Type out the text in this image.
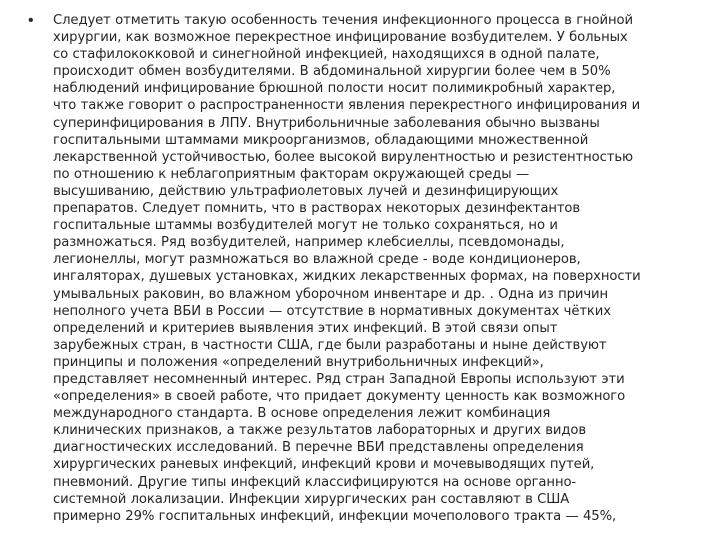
• Следует отметить такую особенность течения инфекционного процесса в гнойной
хирургии, как возможное перекрестное инфицирование возбудителем. У больных
со стафилококковой и синегнойной инфекцией, находящихся в одной палате,
происходит обмен возбудителями. В абдоминальной хирургии более чем в 50%
наблюдений инфицирование брюшной полости носит полимикробный характер,
что также говорит о распространенности явления перекрестного инфицирования и
суперинфицирования в ЛПУ. Внутрибольничные заболевания обычно вызваны
госпитальными штаммами микроорганизмов, обладающими множественной
лекарственной устойчивостью, более высокой вирулентностью и резистентностью
по отношению к неблагоприятным факторам окружающей среды —
высушиванию, действию ультрафиолетовых лучей и дезинфицирующих
препаратов. Следует помнить, что в растворах некоторых дезинфектантов
госпитальные штаммы возбудителей могут не только сохраняться, но и
размножаться. Ряд возбудителей, например клебсиеллы, псевдомонады,
легионеллы, могут размножаться во влажной среде - воде кондиционеров,
ингаляторах, душевых установках, жидких лекарственных формах, на поверхности
умывальных раковин, во влажном уборочном инвентаре и др. . Одна из причин
неполного учета ВБИ в России — отсутствие в нормативных документах чётких
определений и критериев выявления этих инфекций. В этой связи опыт
зарубежных стран, в частности США, где были разработаны и ныне действуют
принципы и положения «определений внутрибольничных инфекций»,
представляет несомненный интерес. Ряд стран Западной Европы используют эти
«определения» в своей работе, что придает документу ценность как возможного
международного стандарта. В основе определения лежит комбинация
клинических признаков, а также результатов лабораторных и других видов
диагностических исследований. В перечне ВБИ представлены определения
хирургических раневых инфекций, инфекций крови и мочевыводящих путей,
пневмоний. Другие типы инфекций классифицируются на основе органно-
системной локализации. Инфекции хирургических ран составляют в США
примерно 29% госпитальных инфекций, инфекции мочеполового тракта — 45%,
